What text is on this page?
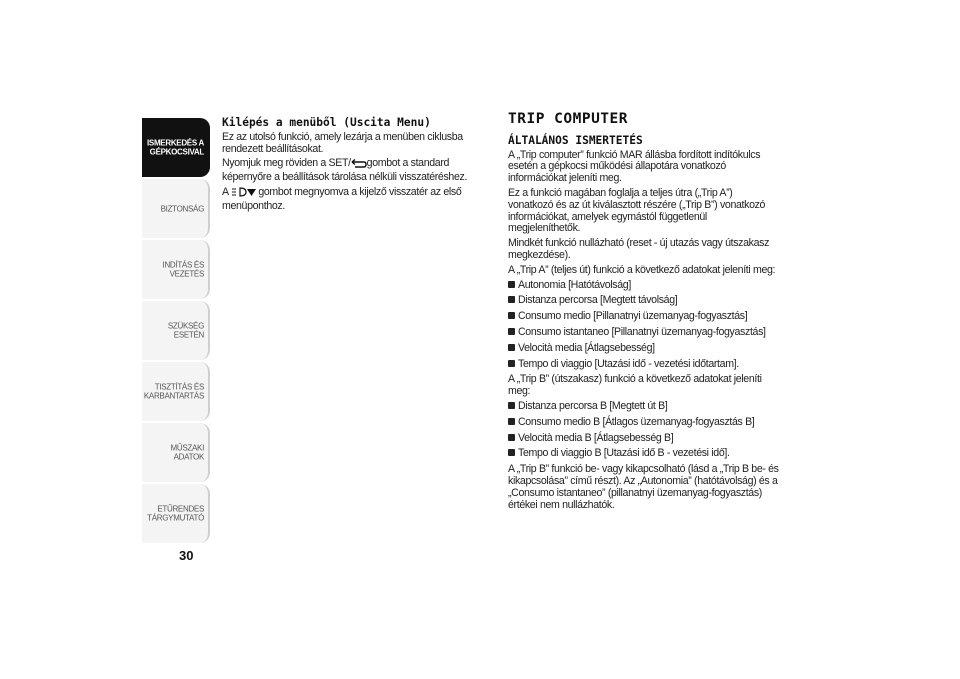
ISMERKEDÉS A
GÉPKOCSIVAL
BIZTONSÁG
INDÍTÁS ÉS VEZETÉS
SZÜKSÉG ESETÉN
TISZTÍTÁS ÉS
KARBANTARTÁS
MŰSZAKI ADATOK
ETŰRENDES
TÁRGYMUTATÓ
30
Kilépés a menüből (Uscita Menu)

Ez az utolsó funkció, amely lezárja a menüben ciklusba rendezett beállításokat.

Nyomjuk meg röviden a SET/ gombot a standard képernyőre a beállítások tárolása nélküli visszatéréshez.

A	gombot megnyomva a kijelző visszatér az első menüponthoz.

TRIP COMPUTER
ÁLTALÁNOS ISMERTETÉS

A „Trip computer” funkció MAR állásba fordított indítókulcs esetén a gépkocsi működési állapotára vonatkozó információkat jeleníti meg.

Ez a funkció magában foglalja a teljes útra („Trip A”) vonatkozó és az út kiválasztott részére („Trip B”) vonatkozó információkat, amelyek egymástól függetlenül megjeleníthetők.

Mindkét funkció nullázható (reset - új utazás vagy útszakasz megkezdése).

A „Trip A” (teljes út) funkció a következő adatokat jeleníti meg:

Autonomia [Hatótávolság]
Distanza percorsa [Megtett távolság]
Consumo medio [Pillanatnyi üzemanyag-fogyasztás]
Consumo istantaneo [Pillanatnyi üzemanyag-fogyasztás]
Velocità media [Átlagsebesség]
Tempo di viaggio [Utazási idő - vezetési időtartam].

A „Trip B” (útszakasz) funkció a következő adatokat jeleníti meg:

Distanza percorsa B [Megtett út B]
Consumo medio B [Átlagos üzemanyag-fogyasztás B]
Velocità media B [Átlagsebesség B]
Tempo di viaggio B [Utazási idő B - vezetési idő].

A „Trip B” funkció be- vagy kikapcsolható (lásd a „Trip B be- és kikapcsolása” című részt). Az „Autonomia” (hatótávolság) és a „Consumo istantaneo” (pillanatnyi üzemanyag-fogyasztás) értékei nem nullázhatók.
